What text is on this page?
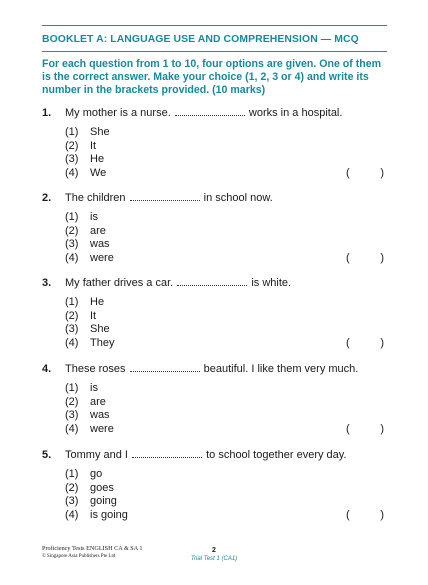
BOOKLET A: LANGUAGE USE AND COMPREHENSION — MCQ
For each question from 1 to 10, four options are given. One of them is the correct answer. Make your choice (1, 2, 3 or 4) and write its number in the brackets provided. (10 marks)
1. My mother is a nurse.	works in a hospital.
(1) She
(2) It
(3) He
(4) We	(	)
2. The children	in school now.
(1) is
(2) are
(3) was
(4) were	(	)
3. My father drives a car.	is white.
(1) He
(2) It
(3) She
(4) They	(	)
4. These roses	beautiful. I like them very much.
(1) is
(2) are
(3) was
(4) were	(	)
5. Tommy and I	to school together every day.
(1) go
(2) goes
(3) going
(4) is going	(	)
Proficiency Tests ENGLISH CA & SA 1
© Singapore Asia Publishers Pte Ltd
2
Trial Test 1 (CA1)
